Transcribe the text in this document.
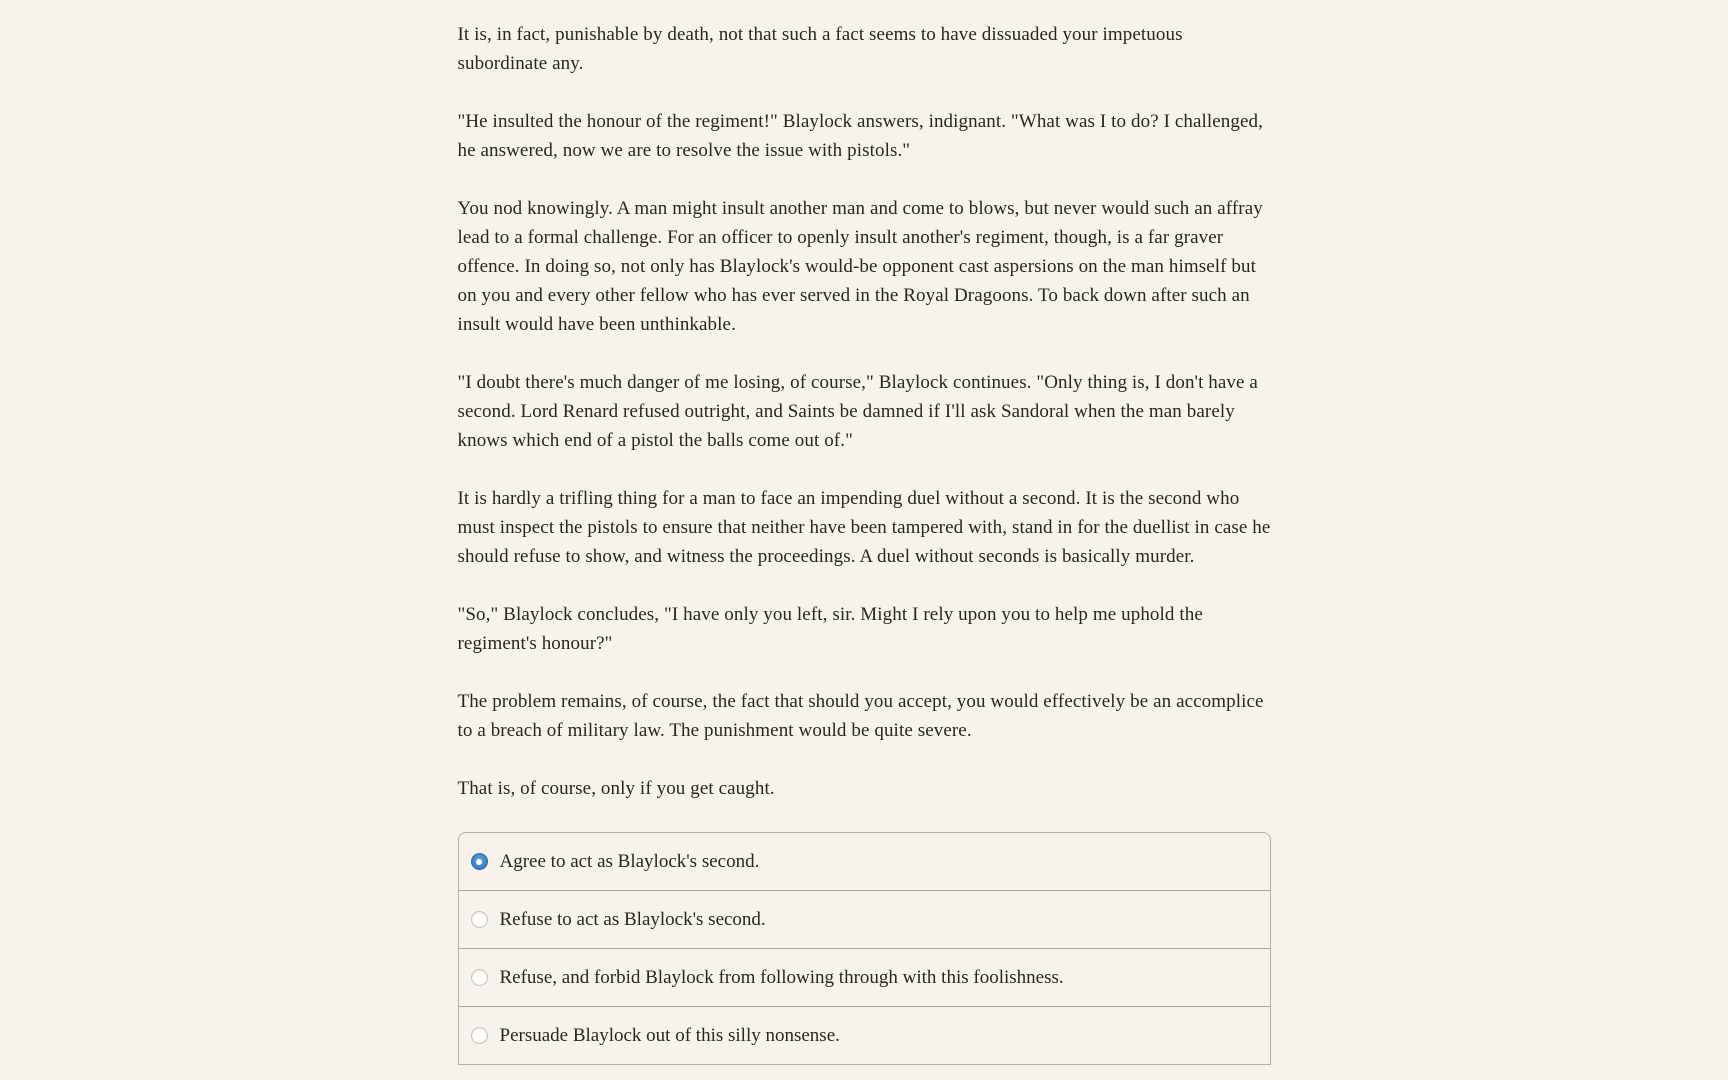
It is, in fact, punishable by death, not that such a fact seems to have dissuaded your impetuous subordinate any.

"He insulted the honour of the regiment!" Blaylock answers, indignant. "What was I to do? I challenged, he answered, now we are to resolve the issue with pistols."

You nod knowingly. A man might insult another man and come to blows, but never would such an affray lead to a formal challenge. For an officer to openly insult another's regiment, though, is a far graver offence. In doing so, not only has Blaylock's would-be opponent cast aspersions on the man himself but on you and every other fellow who has ever served in the Royal Dragoons. To back down after such an insult would have been unthinkable.

"I doubt there's much danger of me losing, of course," Blaylock continues. "Only thing is, I don't have a second. Lord Renard refused outright, and Saints be damned if I'll ask Sandoral when the man barely knows which end of a pistol the balls come out of."

It is hardly a trifling thing for a man to face an impending duel without a second. It is the second who must inspect the pistols to ensure that neither have been tampered with, stand in for the duellist in case he should refuse to show, and witness the proceedings. A duel without seconds is basically murder.

"So," Blaylock concludes, "I have only you left, sir. Might I rely upon you to help me uphold the regiment's honour?"

The problem remains, of course, the fact that should you accept, you would effectively be an accomplice to a breach of military law. The punishment would be quite severe.

That is, of course, only if you get caught.

Agree to act as Blaylock's second.
Refuse to act as Blaylock's second.
Refuse, and forbid Blaylock from following through with this foolishness.
Persuade Blaylock out of this silly nonsense.
